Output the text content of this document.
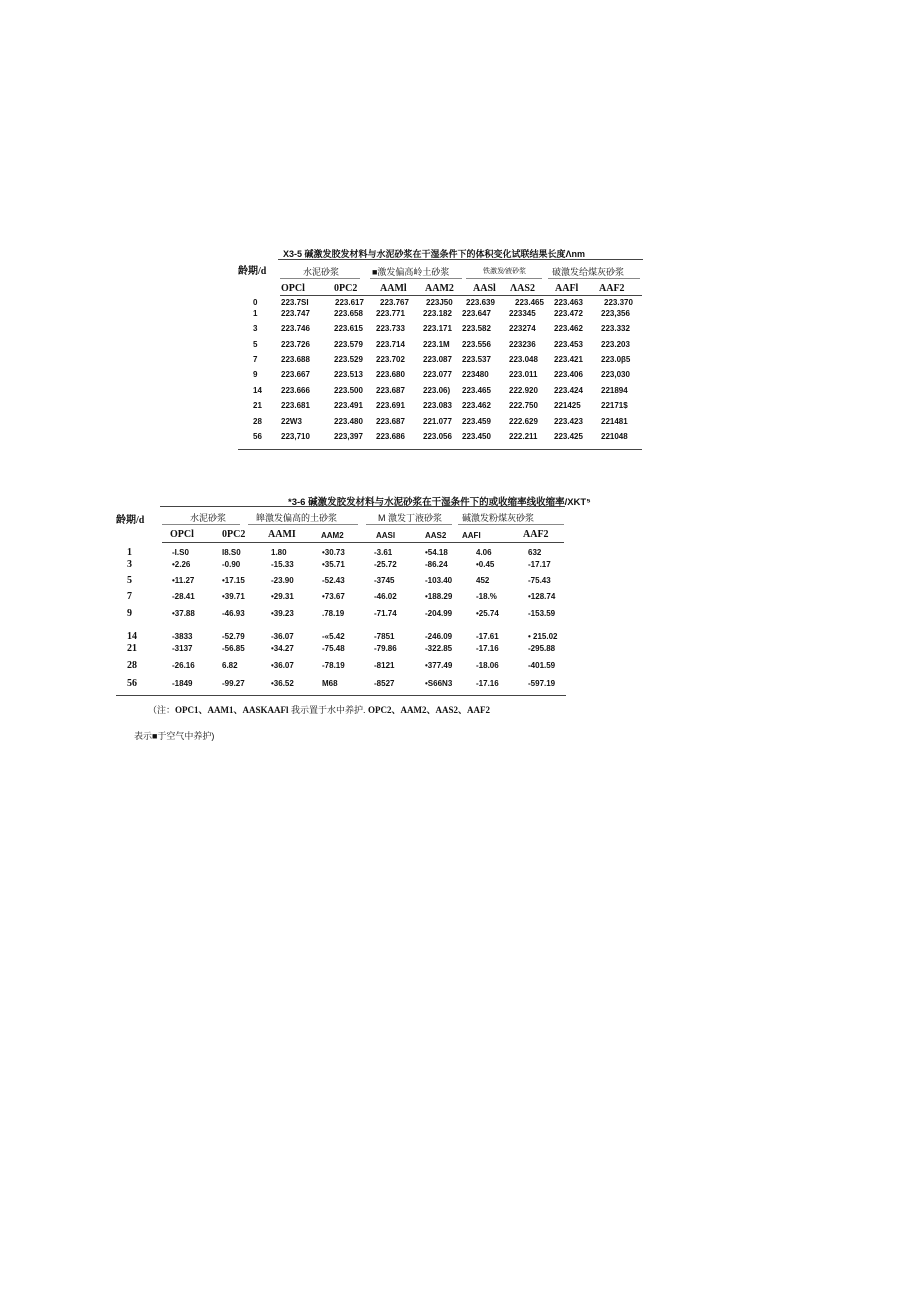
X3-5 碱激发胶发材料与水泥砂浆在干湿条件下的体积变化试联结果长度Λnm
龄期/d	水泥砂浆	■激发偏高岭土砂浆	铁激发⁄液砂浆	破激发给煤灰砂浆
OPCl	0PC2 AAMl AAM2 AASl ΛAS2 AAFl AAF2
0	223.7SI	223.617 223.767 223J50 223.639	223.465 223.463	223.370
1	223.747	223.658 223.771 223.182 223.647 223345 223.472 223,356
3	223.746	223.615 223.733 223.171 223.582 223274 223.462 223.332
5	223.726	223.579 223.714 223.1M 223.556 223236 223.453 223.203
7	223.688	223.529 223.702 223.087 223.537 223.048 223.421 223.0β5
9	223.667	223.513 223.680 223.077 223480	223.011 223.406 223,030
14 223.666	223.500 223.687 223.06) 223.465 222.920 223.424 221894
21 223.681	223.491 223.691 223.083 223.462 222.750 221425	22171$
28 22W3	223.480 223.687 221.077 223.459 222.629 223.423 221481
56 223,710	223,397 223.686 223.056 223.450 222.211 223.425 221048
*3-6 碱激发胶发材料与水泥砂浆在干湿条件下的或收缩率线收缩率/XKT⁵
龄期/d	水泥砂浆	皞激发偏高的土砂浆	M 激发丁液砂浆 碱激发粉煤灰砂浆
OPCl	0PC2 AAMI	AAM2	AASI	AAS2 AAFI	AAF2
1	-I.S0	I8.S0	1.80	•30.73	-3.61	•54.18	4.06	632
3	•2.26	-0.90	-15.33	•35.71	-25.72	-86.24	•0.45	-17.17
5	•11.27	•17.15	-23.90	-52.43	-3745	-103.40	452	-75.43
7	-28.41	•39.71	•29.31	•73.67	-46.02	•188.29	-18.%	•128.74
9	•37.88	-46.93	•39.23	.78.19	-71.74	-204.99	•25.74	-153.59
14	-3833	-52.79	-36.07	-«5.42	-7851	-246.09	-17.61	• 215.02
21	-3137	-56.85	•34.27	-75.48	-79.86	-322.85	-17.16	-295.88
28	-26.16	6.82	•36.07	-78.19	-8121	•377.49	-18.06	-401.59
56	-1849	-99.27	•36.52	M68	-8527	•S66N3	-17.16	-597.19
（注：OPC1、AAM1、AASKAAFl 我示置于水中养护. OPC2、AAM2、AAS2、AAF2
表示■于空气中养护)
